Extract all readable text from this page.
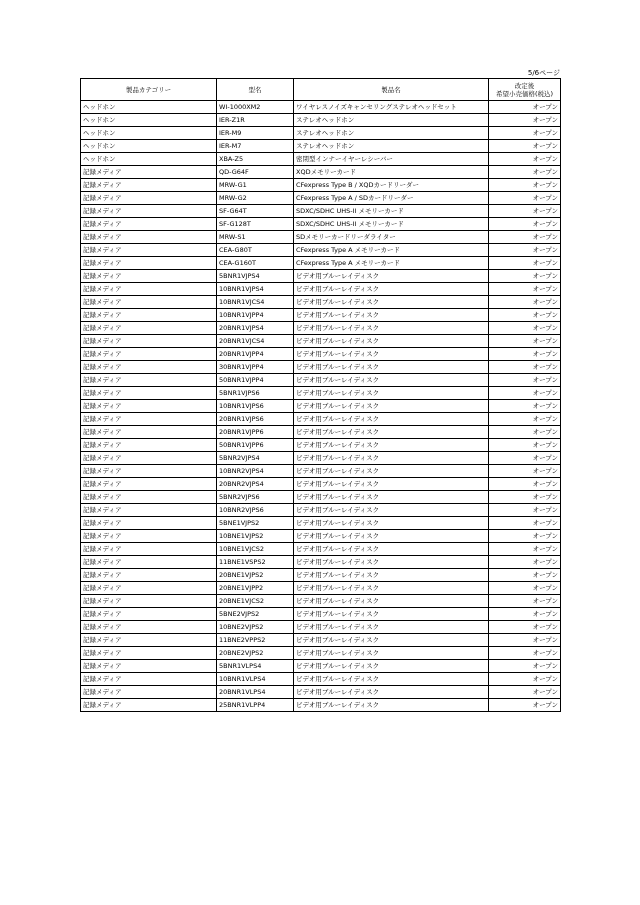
5/6ページ
製品カテゴリー	型名	製品名	改定後
希望小売価格(税込)
ヘッドホン	WI-1000XM2	ワイヤレスノイズキャンセリングステレオヘッドセット	オープン
ヘッドホン	IER-Z1R	ステレオヘッドホン	オープン
ヘッドホン	IER-M9	ステレオヘッドホン	オープン
ヘッドホン	IER-M7	ステレオヘッドホン	オープン
ヘッドホン	XBA-Z5	密閉型インナーイヤーレシーバー	オープン
記録メディア	QD-G64F	XQDメモリーカード	オープン
記録メディア	MRW-G1	CFexpress Type B / XQDカードリーダー	オープン
記録メディア	MRW-G2	CFexpress Type A / SDカードリーダー	オープン
記録メディア	SF-G64T	SDXC/SDHC UHS-II メモリーカード	オープン
記録メディア	SF-G128T	SDXC/SDHC UHS-II メモリーカード	オープン
記録メディア	MRW-S1	SDメモリーカードリーダライター	オープン
記録メディア	CEA-G80T	CFexpress Type A メモリーカード	オープン
記録メディア	CEA-G160T	CFexpress Type A メモリーカード	オープン
記録メディア	5BNR1VJPS4	ビデオ用ブルーレイディスク	オープン
記録メディア	10BNR1VJPS4	ビデオ用ブルーレイディスク	オープン
記録メディア	10BNR1VJCS4	ビデオ用ブルーレイディスク	オープン
記録メディア	10BNR1VJPP4	ビデオ用ブルーレイディスク	オープン
記録メディア	20BNR1VJPS4	ビデオ用ブルーレイディスク	オープン
記録メディア	20BNR1VJCS4	ビデオ用ブルーレイディスク	オープン
記録メディア	20BNR1VJPP4	ビデオ用ブルーレイディスク	オープン
記録メディア	30BNR1VJPP4	ビデオ用ブルーレイディスク	オープン
記録メディア	50BNR1VJPP4	ビデオ用ブルーレイディスク	オープン
記録メディア	5BNR1VJPS6	ビデオ用ブルーレイディスク	オープン
記録メディア	10BNR1VJPS6	ビデオ用ブルーレイディスク	オープン
記録メディア	20BNR1VJPS6	ビデオ用ブルーレイディスク	オープン
記録メディア	20BNR1VJPP6	ビデオ用ブルーレイディスク	オープン
記録メディア	50BNR1VJPP6	ビデオ用ブルーレイディスク	オープン
記録メディア	5BNR2VJPS4	ビデオ用ブルーレイディスク	オープン
記録メディア	10BNR2VJPS4	ビデオ用ブルーレイディスク	オープン
記録メディア	20BNR2VJPS4	ビデオ用ブルーレイディスク	オープン
記録メディア	5BNR2VJPS6	ビデオ用ブルーレイディスク	オープン
記録メディア	10BNR2VJPS6	ビデオ用ブルーレイディスク	オープン
記録メディア	5BNE1VJPS2	ビデオ用ブルーレイディスク	オープン
記録メディア	10BNE1VJPS2	ビデオ用ブルーレイディスク	オープン
記録メディア	10BNE1VJCS2	ビデオ用ブルーレイディスク	オープン
記録メディア	11BNE1VSPS2	ビデオ用ブルーレイディスク	オープン
記録メディア	20BNE1VJPS2	ビデオ用ブルーレイディスク	オープン
記録メディア	20BNE1VJPP2	ビデオ用ブルーレイディスク	オープン
記録メディア	20BNE1VJCS2	ビデオ用ブルーレイディスク	オープン
記録メディア	5BNE2VJPS2	ビデオ用ブルーレイディスク	オープン
記録メディア	10BNE2VJPS2	ビデオ用ブルーレイディスク	オープン
記録メディア	11BNE2VPPS2	ビデオ用ブルーレイディスク	オープン
記録メディア	20BNE2VJPS2	ビデオ用ブルーレイディスク	オープン
記録メディア	5BNR1VLPS4	ビデオ用ブルーレイディスク	オープン
記録メディア	10BNR1VLPS4	ビデオ用ブルーレイディスク	オープン
記録メディア	20BNR1VLPS4	ビデオ用ブルーレイディスク	オープン
記録メディア	25BNR1VLPP4	ビデオ用ブルーレイディスク	オープン
